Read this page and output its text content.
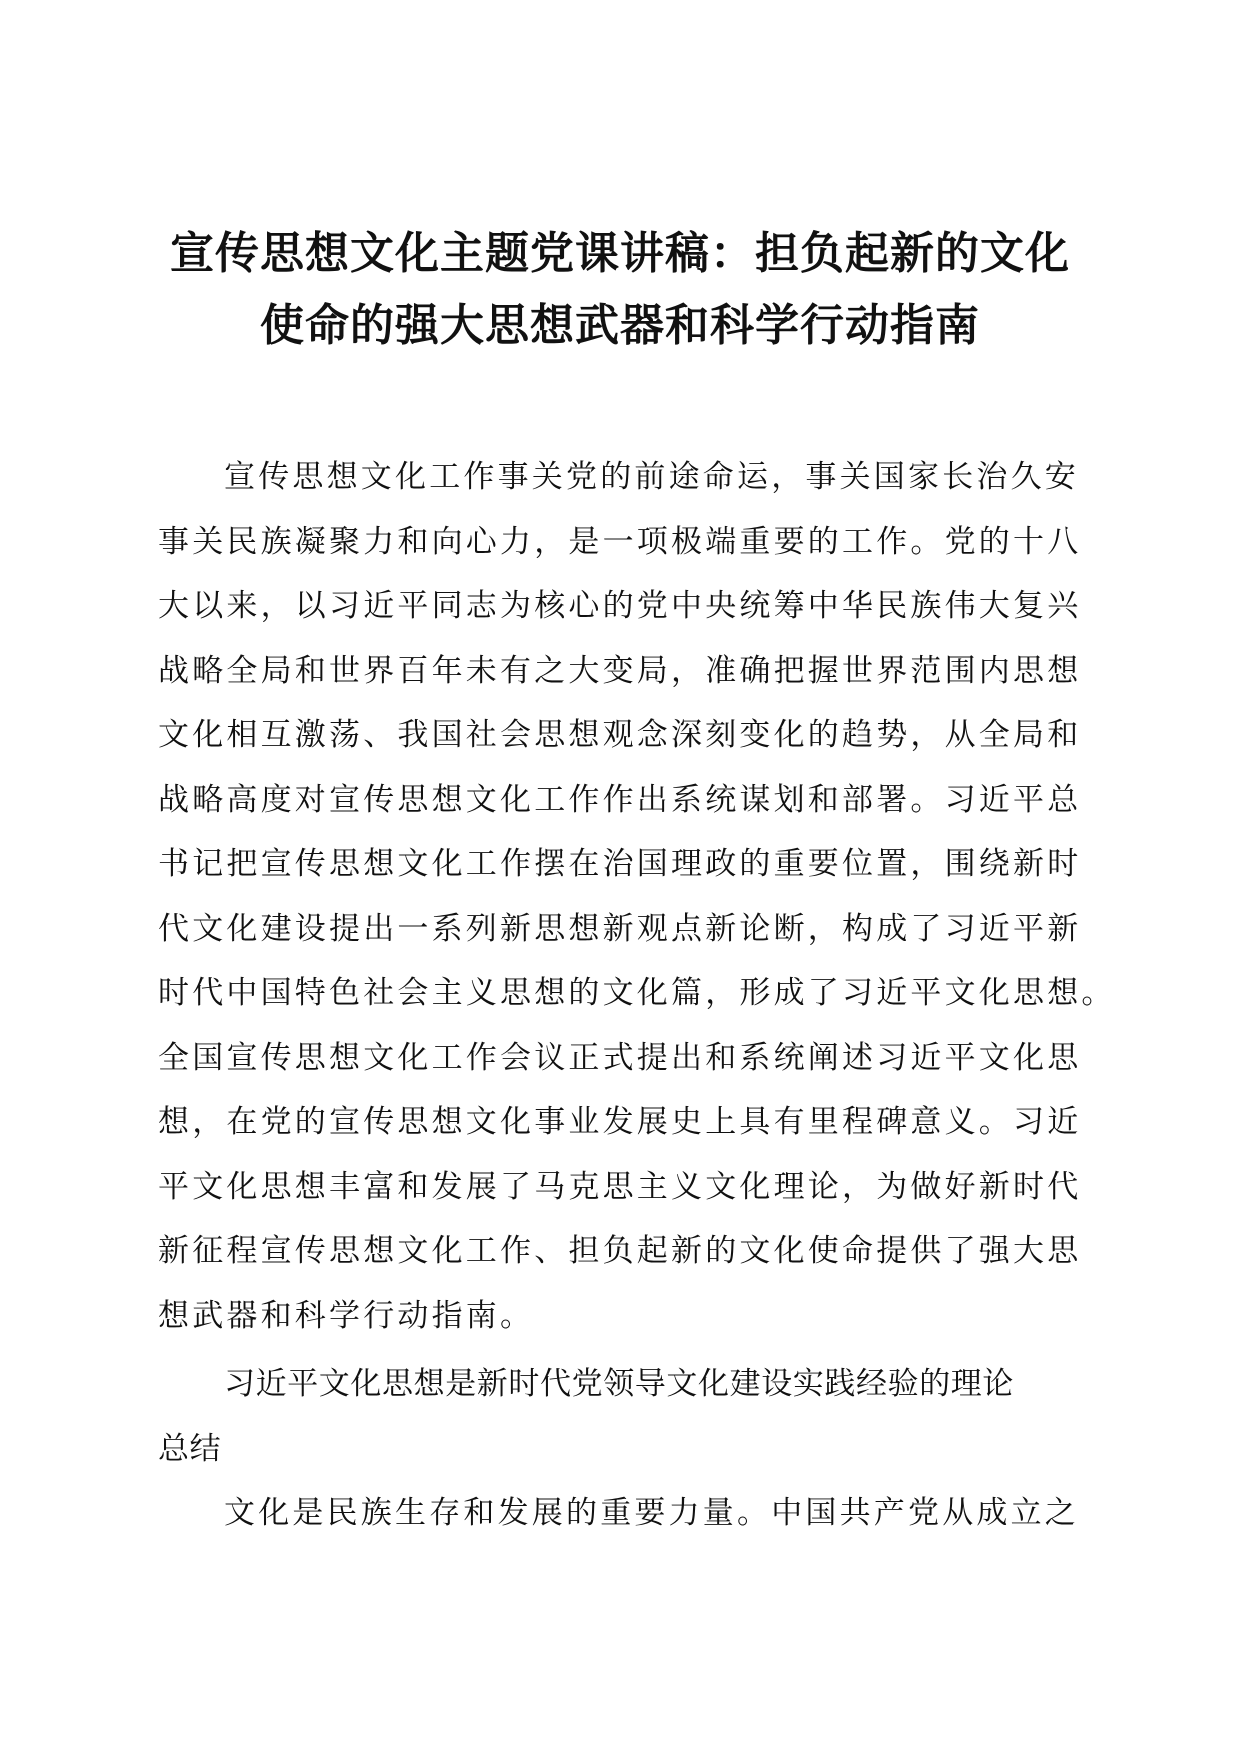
宣传思想文化主题党课讲稿：担负起新的文化
使命的强大思想武器和科学行动指南
宣传思想文化工作事关党的前途命运，事关国家长治久安
事关民族凝聚力和向心力，是一项极端重要的工作。党的十八
大以来，以习近平同志为核心的党中央统筹中华民族伟大复兴
战略全局和世界百年未有之大变局，准确把握世界范围内思想
文化相互激荡、我国社会思想观念深刻变化的趋势，从全局和
战略高度对宣传思想文化工作作出系统谋划和部署。习近平总
书记把宣传思想文化工作摆在治国理政的重要位置，围绕新时
代文化建设提出一系列新思想新观点新论断，构成了习近平新
时代中国特色社会主义思想的文化篇，形成了习近平文化思想。
全国宣传思想文化工作会议正式提出和系统阐述习近平文化思
想，在党的宣传思想文化事业发展史上具有里程碑意义。习近
平文化思想丰富和发展了马克思主义文化理论，为做好新时代
新征程宣传思想文化工作、担负起新的文化使命提供了强大思
想武器和科学行动指南。
习近平文化思想是新时代党领导文化建设实践经验的理论
总结
文化是民族生存和发展的重要力量。中国共产党从成立之
